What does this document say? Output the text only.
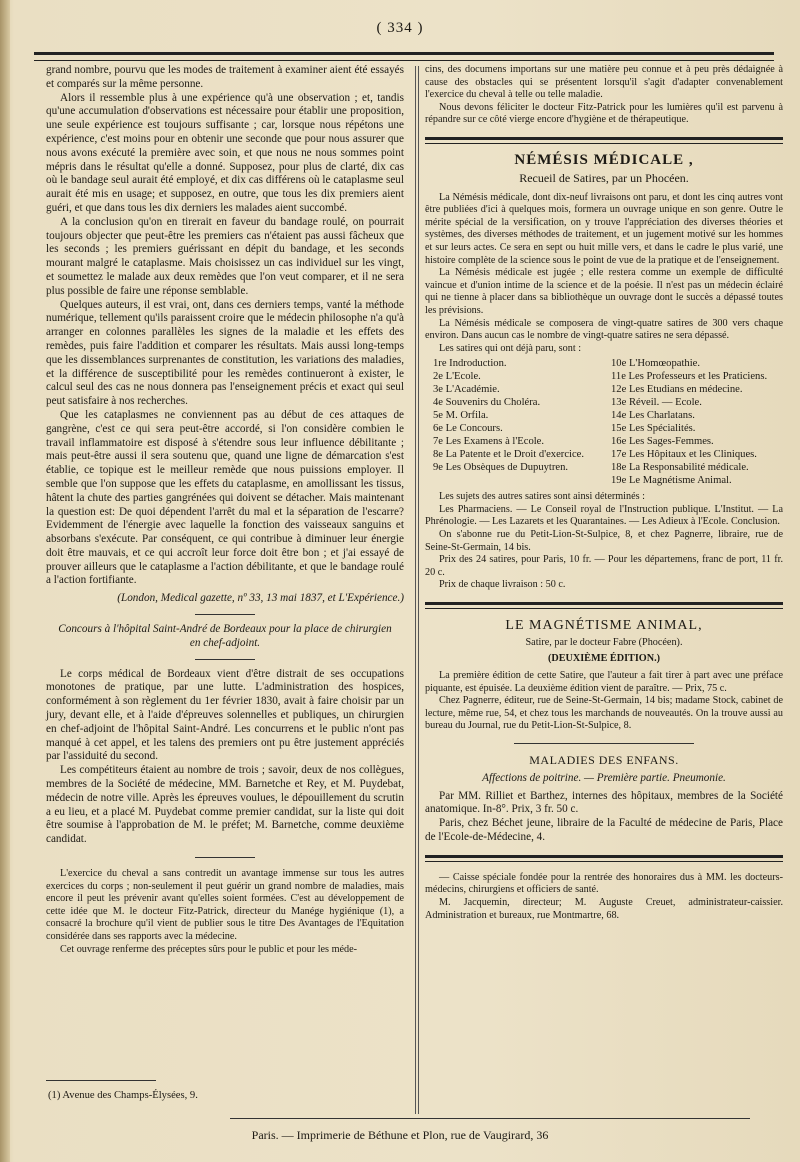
( 334 )

grand nombre, pourvu que les modes de traitement à examiner aient été essayés et comparés sur la même personne.

Alors il ressemble plus à une expérience qu'à une observation ; et, tandis qu'une accumulation d'observations est nécessaire pour établir une proposition, une seule expérience est toujours suffisante ; car, lorsque nous répétons une expérience, c'est moins pour en obtenir une seconde que pour nous assurer que nous avons exécuté la première avec soin, et que nous ne nous sommes point mépris dans le résultat qu'elle a donné. Supposez, pour plus de clarté, dix cas où le bandage seul aurait été employé, et dix cas différens où le cataplasme seul aurait été mis en usage; et supposez, en outre, que tous les dix premiers aient guéri, et que dans tous les dix derniers les malades aient succombé.

A la conclusion qu'on en tirerait en faveur du bandage roulé, on pourrait toujours objecter que peut-être les premiers cas n'étaient pas aussi fâcheux que les seconds ; les premiers guérissant en dépit du bandage, et les seconds mourant malgré le cataplasme. Mais choisissez un cas individuel sur les vingt, et soumettez le malade aux deux remèdes que l'on veut comparer, et il ne sera plus possible de faire une réponse semblable.

Quelques auteurs, il est vrai, ont, dans ces derniers temps, vanté la méthode numérique, tellement qu'ils paraissent croire que le médecin philosophe n'a qu'à arranger en colonnes parallèles les signes de la maladie et les effets des remèdes, puis faire l'addition et comparer les résultats. Mais aussi long-temps que les dissemblances surprenantes de constitution, les variations des maladies, et la différence de susceptibilité pour les remèdes continueront à exister, le calcul seul des cas ne nous donnera pas l'enseignement précis et exact qui seul peut satisfaire à nos recherches.

Que les cataplasmes ne conviennent pas au début de ces attaques de gangrène, c'est ce qui sera peut-être accordé, si l'on considère combien le travail inflammatoire est disposé à s'étendre sous leur influence débilitante ; mais peut-être aussi il sera soutenu que, quand une ligne de démarcation s'est établie, ce topique est le meilleur remède que nous puissions employer. Il semble que l'on suppose que les effets du cataplasme, en amollissant les tissus, hâtent la chute des parties gangrénées qui doivent se détacher. Mais maintenant la question est: De quoi dépendent l'arrêt du mal et la séparation de l'escarre? Evidemment de l'énergie avec laquelle la fonction des vaisseaux sanguins et absorbans s'exécute. Par conséquent, ce qui contribue à diminuer leur énergie doit être mauvais, et ce qui accroît leur force doit être bon ; et j'ai essayé de prouver ailleurs que le cataplasme a l'action débilitante, et que le bandage roulé a l'action fortifiante.

(London, Medical gazette, nº 33, 13 mai 1837, et L'Expérience.)

Concours à l'hôpital Saint-André de Bordeaux pour la place de chirurgien en chef-adjoint.

Le corps médical de Bordeaux vient d'être distrait de ses occupations monotones de pratique, par une lutte. L'administration des hospices, conformément à son règlement du 1er février 1830, avait à faire choisir par un jury, devant elle, et à l'aide d'épreuves solennelles et publiques, un chirurgien en chef-adjoint de l'hôpital Saint-André. Les concurrens et le public n'ont pas manqué à cet appel, et les talens des premiers ont pu être justement appréciés par l'assiduité du second.

Les compétiteurs étaient au nombre de trois ; savoir, deux de nos collègues, membres de la Société de médecine, MM. Barnetche et Rey, et M. Puydebat, médecin de notre ville. Après les épreuves voulues, le dépouillement du scrutin a eu lieu, et a placé M. Puydebat comme premier candidat, sur la liste qui doit être soumise à l'approbation de M. le préfet; M. Barnetche, comme deuxième candidat.

L'exercice du cheval a sans contredit un avantage immense sur tous les autres exercices du corps ; non-seulement il peut guérir un grand nombre de maladies, mais encore il peut les prévenir avant qu'elles soient formées. C'est au développement de cette idée que M. le docteur Fitz-Patrick, directeur du Manége hygiénique (1), a consacré la brochure qu'il vient de publier sous le titre Des Avantages de l'Equitation considérée dans ses rapports avec la médecine.

Cet ouvrage renferme des préceptes sûrs pour le public et pour les méde-

(1) Avenue des Champs-Élysées, 9.

cins, des documens importans sur une matière peu connue et à peu près dédaignée à cause des obstacles qui se présentent lorsqu'il s'agit d'adapter convenablement l'exercice du cheval à telle ou telle maladie.

Nous devons féliciter le docteur Fitz-Patrick pour les lumières qu'il est parvenu à répandre sur ce côté vierge encore d'hygiène et de thérapeutique.

NÉMÉSIS MÉDICALE ,

Recueil de Satires, par un Phocéen.

La Némésis médicale, dont dix-neuf livraisons ont paru, et dont les cinq autres vont être publiées d'ici à quelques mois, formera un ouvrage unique en son genre. Outre le mérite spécial de la versification, on y trouve l'appréciation des diverses théories et systèmes, des diverses méthodes de traitement, et un jugement motivé sur les hommes et sur leurs actes. Ce sera en sept ou huit mille vers, et dans le cadre le plus varié, une histoire complète de la science sous le point de vue de la pratique et de l'enseignement.

La Némésis médicale est jugée ; elle restera comme un exemple de difficulté vaincue et d'union intime de la science et de la poésie. Il n'est pas un médecin éclairé qui ne tienne à placer dans sa bibliothèque un ouvrage dont le succès a dépassé toutes les prévisions.

La Némésis médicale se composera de vingt-quatre satires de 300 vers chaque environ. Dans aucun cas le nombre de vingt-quatre satires ne sera dépassé.

Les satires qui ont déjà paru, sont :

1re Indroduction.
2e L'Ecole.
3e L'Académie.
4e Souvenirs du Choléra.
5e M. Orfila.
6e Le Concours.
7e Les Examens à l'Ecole.
8e La Patente et le Droit d'exercice.
9e Les Obsèques de Dupuytren.
10e L'Homœopathie.
11e Les Professeurs et les Praticiens.
12e Les Etudians en médecine.
13e Réveil. — Ecole.
14e Les Charlatans.
15e Les Spécialités.
16e Les Sages-Femmes.
17e Les Hôpitaux et les Cliniques.
18e La Responsabilité médicale.
19e Le Magnétisme Animal.

Les sujets des autres satires sont ainsi déterminés :

Les Pharmaciens. — Le Conseil royal de l'Instruction publique. L'Institut. — La Phrénologie. — Les Lazarets et les Quarantaines. — Les Adieux à l'Ecole. Conclusion.

On s'abonne rue du Petit-Lion-St-Sulpice, 8, et chez Pagnerre, libraire, rue de Seine-St-Germain, 14 bis.

Prix des 24 satires, pour Paris, 10 fr. — Pour les départemens, franc de port, 11 fr. 20 c.

Prix de chaque livraison : 50 c.

LE MAGNÉTISME ANIMAL,

Satire, par le docteur Fabre (Phocéen).

(DEUXIÈME ÉDITION.)

La première édition de cette Satire, que l'auteur a fait tirer à part avec une préface piquante, est épuisée. La deuxième édition vient de paraître. — Prix, 75 c.

Chez Pagnerre, éditeur, rue de Seine-St-Germain, 14 bis; madame Stock, cabinet de lecture, même rue, 54, et chez tous les marchands de nouveautés. On la trouve aussi au bureau du Journal, rue du Petit-Lion-St-Sulpice, 8.

MALADIES DES ENFANS.

Affections de poitrine. — Première partie. Pneumonie.

Par MM. Rilliet et Barthez, internes des hôpitaux, membres de la Société anatomique. In-8°. Prix, 3 fr. 50 c.

Paris, chez Béchet jeune, libraire de la Faculté de médecine de Paris, Place de l'Ecole-de-Médecine, 4.

— Caisse spéciale fondée pour la rentrée des honoraires dus à MM. les docteurs-médecins, chirurgiens et officiers de santé.

M. Jacquemin, directeur; M. Auguste Creuet, administrateur-caissier. Administration et bureaux, rue Montmartre, 68.

Paris. — Imprimerie de Béthune et Plon, rue de Vaugirard, 36
